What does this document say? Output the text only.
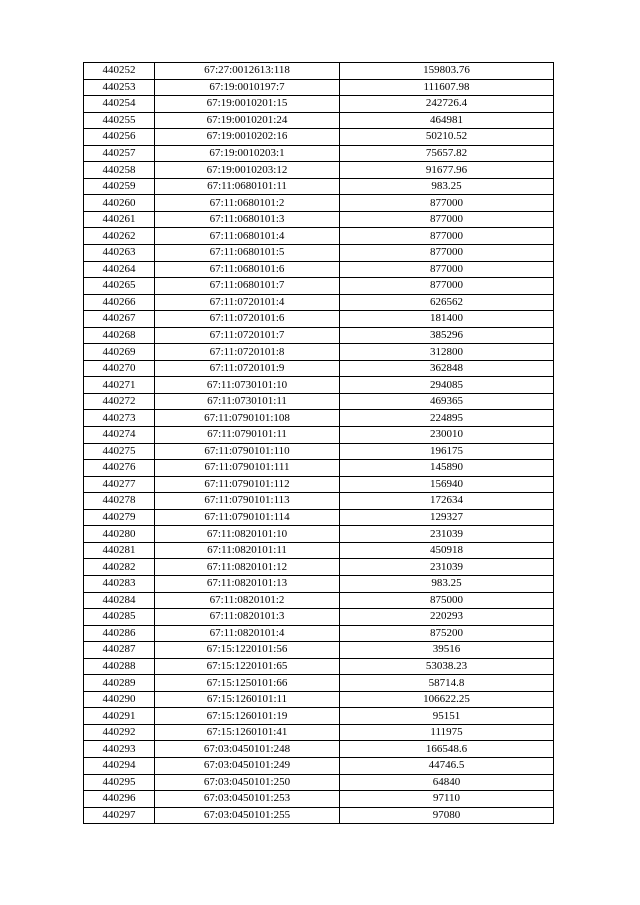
440252	67:27:0012613:118	159803.76
440253	67:19:0010197:7	111607.98
440254	67:19:0010201:15	242726.4
440255	67:19:0010201:24	464981
440256	67:19:0010202:16	50210.52
440257	67:19:0010203:1	75657.82
440258	67:19:0010203:12	91677.96
440259	67:11:0680101:11	983.25
440260	67:11:0680101:2	877000
440261	67:11:0680101:3	877000
440262	67:11:0680101:4	877000
440263	67:11:0680101:5	877000
440264	67:11:0680101:6	877000
440265	67:11:0680101:7	877000
440266	67:11:0720101:4	626562
440267	67:11:0720101:6	181400
440268	67:11:0720101:7	385296
440269	67:11:0720101:8	312800
440270	67:11:0720101:9	362848
440271	67:11:0730101:10	294085
440272	67:11:0730101:11	469365
440273	67:11:0790101:108	224895
440274	67:11:0790101:11	230010
440275	67:11:0790101:110	196175
440276	67:11:0790101:111	145890
440277	67:11:0790101:112	156940
440278	67:11:0790101:113	172634
440279	67:11:0790101:114	129327
440280	67:11:0820101:10	231039
440281	67:11:0820101:11	450918
440282	67:11:0820101:12	231039
440283	67:11:0820101:13	983.25
440284	67:11:0820101:2	875000
440285	67:11:0820101:3	220293
440286	67:11:0820101:4	875200
440287	67:15:1220101:56	39516
440288	67:15:1220101:65	53038.23
440289	67:15:1250101:66	58714.8
440290	67:15:1260101:11	106622.25
440291	67:15:1260101:19	95151
440292	67:15:1260101:41	111975
440293	67:03:0450101:248	166548.6
440294	67:03:0450101:249	44746.5
440295	67:03:0450101:250	64840
440296	67:03:0450101:253	97110
440297	67:03:0450101:255	97080
